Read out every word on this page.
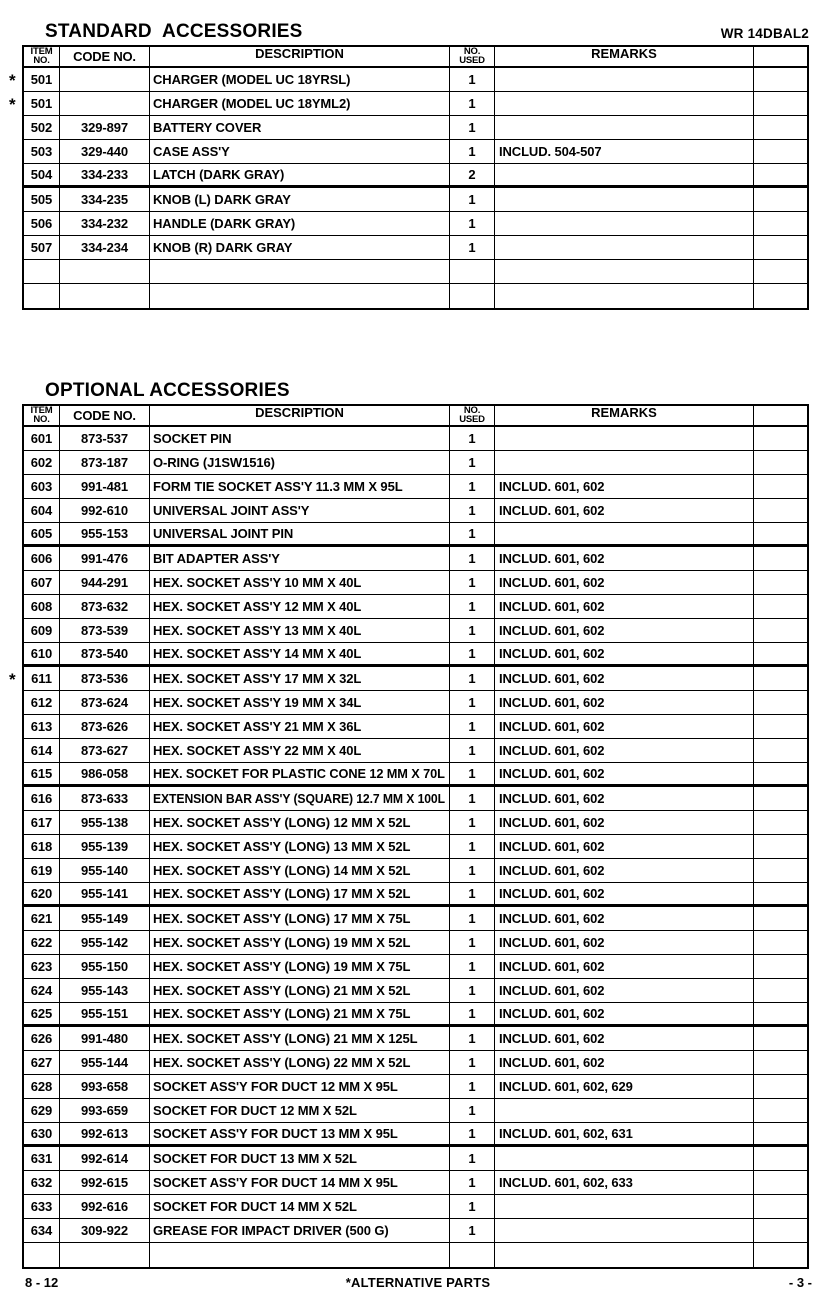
STANDARD  ACCESSORIES	WR 14DBAL2
ITEM
NO. CODE NO.	DESCRIPTION	NO.
USED	REMARKS
* 501	CHARGER (MODEL UC 18YRSL)	1
* 501	CHARGER (MODEL UC 18YML2)	1
502 329-897 BATTERY COVER	1
503 329-440 CASE ASS'Y	1 INCLUD. 504-507
504 334-233 LATCH (DARK GRAY)	2
505 334-235 KNOB (L) DARK GRAY	1
506 334-232 HANDLE (DARK GRAY)	1
507 334-234 KNOB (R) DARK GRAY	1
OPTIONAL ACCESSORIES
ITEM
NO. CODE NO.	DESCRIPTION	NO.
USED	REMARKS
601 873-537 SOCKET PIN	1
602 873-187 O-RING (J1SW1516)	1
603 991-481 FORM TIE SOCKET ASS'Y 11.3 MM X 95L	1 INCLUD. 601, 602
604 992-610 UNIVERSAL JOINT ASS'Y	1 INCLUD. 601, 602
605 955-153 UNIVERSAL JOINT PIN	1
606 991-476 BIT ADAPTER ASS'Y	1 INCLUD. 601, 602
607 944-291 HEX. SOCKET ASS'Y 10 MM X 40L	1 INCLUD. 601, 602
608 873-632 HEX. SOCKET ASS'Y 12 MM X 40L	1 INCLUD. 601, 602
609 873-539 HEX. SOCKET ASS'Y 13 MM X 40L	1 INCLUD. 601, 602
610 873-540 HEX. SOCKET ASS'Y 14 MM X 40L	1 INCLUD. 601, 602
* 611 873-536 HEX. SOCKET ASS'Y 17 MM X 32L	1 INCLUD. 601, 602
612 873-624 HEX. SOCKET ASS'Y 19 MM X 34L	1 INCLUD. 601, 602
613 873-626 HEX. SOCKET ASS'Y 21 MM X 36L	1 INCLUD. 601, 602
614 873-627 HEX. SOCKET ASS'Y 22 MM X 40L	1 INCLUD. 601, 602
615 986-058 HEX. SOCKET FOR PLASTIC CONE 12 MM X 70L 1 INCLUD. 601, 602
616 873-633 EXTENSION BAR ASS'Y (SQUARE) 12.7 MM X 100L 1 INCLUD. 601, 602
617 955-138 HEX. SOCKET ASS'Y (LONG) 12 MM X 52L	1 INCLUD. 601, 602
618 955-139 HEX. SOCKET ASS'Y (LONG) 13 MM X 52L	1 INCLUD. 601, 602
619 955-140 HEX. SOCKET ASS'Y (LONG) 14 MM X 52L	1 INCLUD. 601, 602
620 955-141 HEX. SOCKET ASS'Y (LONG) 17 MM X 52L	1 INCLUD. 601, 602
621 955-149 HEX. SOCKET ASS'Y (LONG) 17 MM X 75L	1 INCLUD. 601, 602
622 955-142 HEX. SOCKET ASS'Y (LONG) 19 MM X 52L	1 INCLUD. 601, 602
623 955-150 HEX. SOCKET ASS'Y (LONG) 19 MM X 75L	1 INCLUD. 601, 602
624 955-143 HEX. SOCKET ASS'Y (LONG) 21 MM X 52L	1 INCLUD. 601, 602
625 955-151 HEX. SOCKET ASS'Y (LONG) 21 MM X 75L	1 INCLUD. 601, 602
626 991-480 HEX. SOCKET ASS'Y (LONG) 21 MM X 125L	1 INCLUD. 601, 602
627 955-144 HEX. SOCKET ASS'Y (LONG) 22 MM X 52L	1 INCLUD. 601, 602
628 993-658 SOCKET ASS'Y FOR DUCT 12 MM X 95L	1 INCLUD. 601, 602, 629
629 993-659 SOCKET FOR DUCT 12 MM X 52L	1
630 992-613 SOCKET ASS'Y FOR DUCT 13 MM X 95L	1 INCLUD. 601, 602, 631
631 992-614 SOCKET FOR DUCT 13 MM X 52L	1
632 992-615 SOCKET ASS'Y FOR DUCT 14 MM X 95L	1 INCLUD. 601, 602, 633
633 992-616 SOCKET FOR DUCT 14 MM X 52L	1
634 309-922 GREASE FOR IMPACT DRIVER (500 G)	1
8 - 12	*ALTERNATIVE PARTS	- 3 -
